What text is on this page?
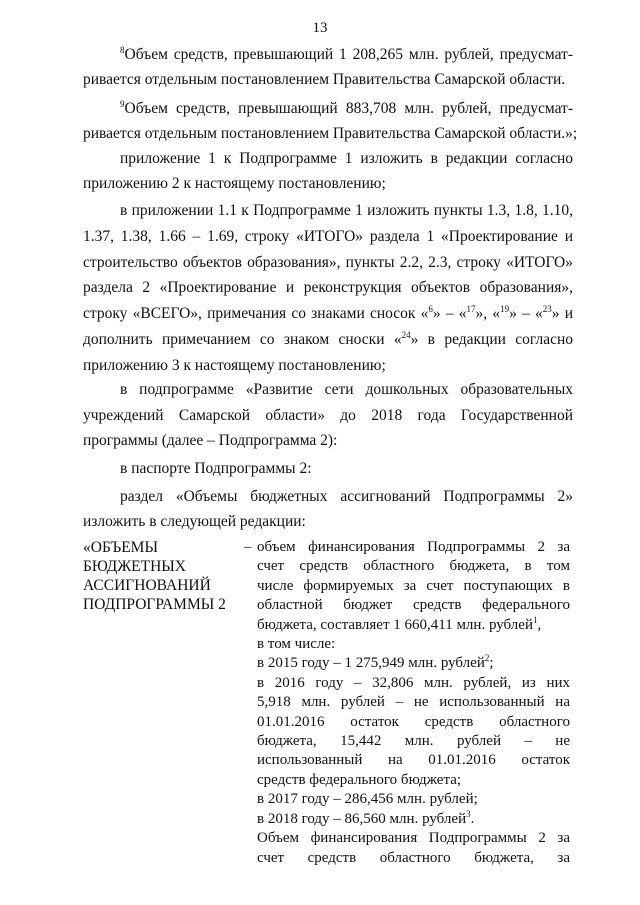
13
$^8$Объем средств, превышающий 1 208,265 млн. рублей, предусмат-
ривается отдельным постановлением Правительства Самарской области.
$^9$Объем средств, превышающий 883,708 млн. рублей, предусмат-
ривается отдельным постановлением Правительства Самарской области.»;
приложение 1 к Подпрограмме 1 изложить в редакции согласно
приложению 2 к настоящему постановлению;
в приложении 1.1 к Подпрограмме 1 изложить пункты 1.3, 1.8, 1.10,
1.37, 1.38, 1.66 – 1.69, строку «ИТОГО» раздела 1 «Проектирование и
строительство объектов образования», пункты 2.2, 2.3, строку «ИТОГО»
раздела 2 «Проектирование и реконструкция объектов образования»,
строку «ВСЕГО», примечания со знаками сносок «$^6$» – «$^{17}$», «$^{19}$» – «$^{23}$» и
дополнить примечанием со знаком сноски «$^{24}$» в редакции согласно
приложению 3 к настоящему постановлению;
в подпрограмме «Развитие сети дошкольных образовательных
учреждений Самарской области» до 2018 года Государственной
программы (далее – Подпрограмма 2):
в паспорте Подпрограммы 2:
раздел «Объемы бюджетных ассигнований Подпрограммы 2»
изложить в следующей редакции:
«ОБЪЕМЫ
БЮДЖЕТНЫХ
АССИГНОВАНИЙ
ПОДПРОГРАММЫ 2
– объем финансирования Подпрограммы 2 за
счет средств областного бюджета, в том
числе формируемых за счет поступающих в
областной бюджет средств федерального
бюджета, составляет 1 660,411 млн. рублей$^1$,
в том числе:
в 2015 году – 1 275,949 млн. рублей$^2$;
в 2016 году – 32,806 млн. рублей, из них
5,918 млн. рублей – не использованный на
01.01.2016 остаток средств областного
бюджета, 15,442 млн. рублей – не
использованный на 01.01.2016 остаток
средств федерального бюджета;
в 2017 году – 286,456 млн. рублей;
в 2018 году – 86,560 млн. рублей$^3$.
Объем финансирования Подпрограммы 2 за
счет средств областного бюджета, за
